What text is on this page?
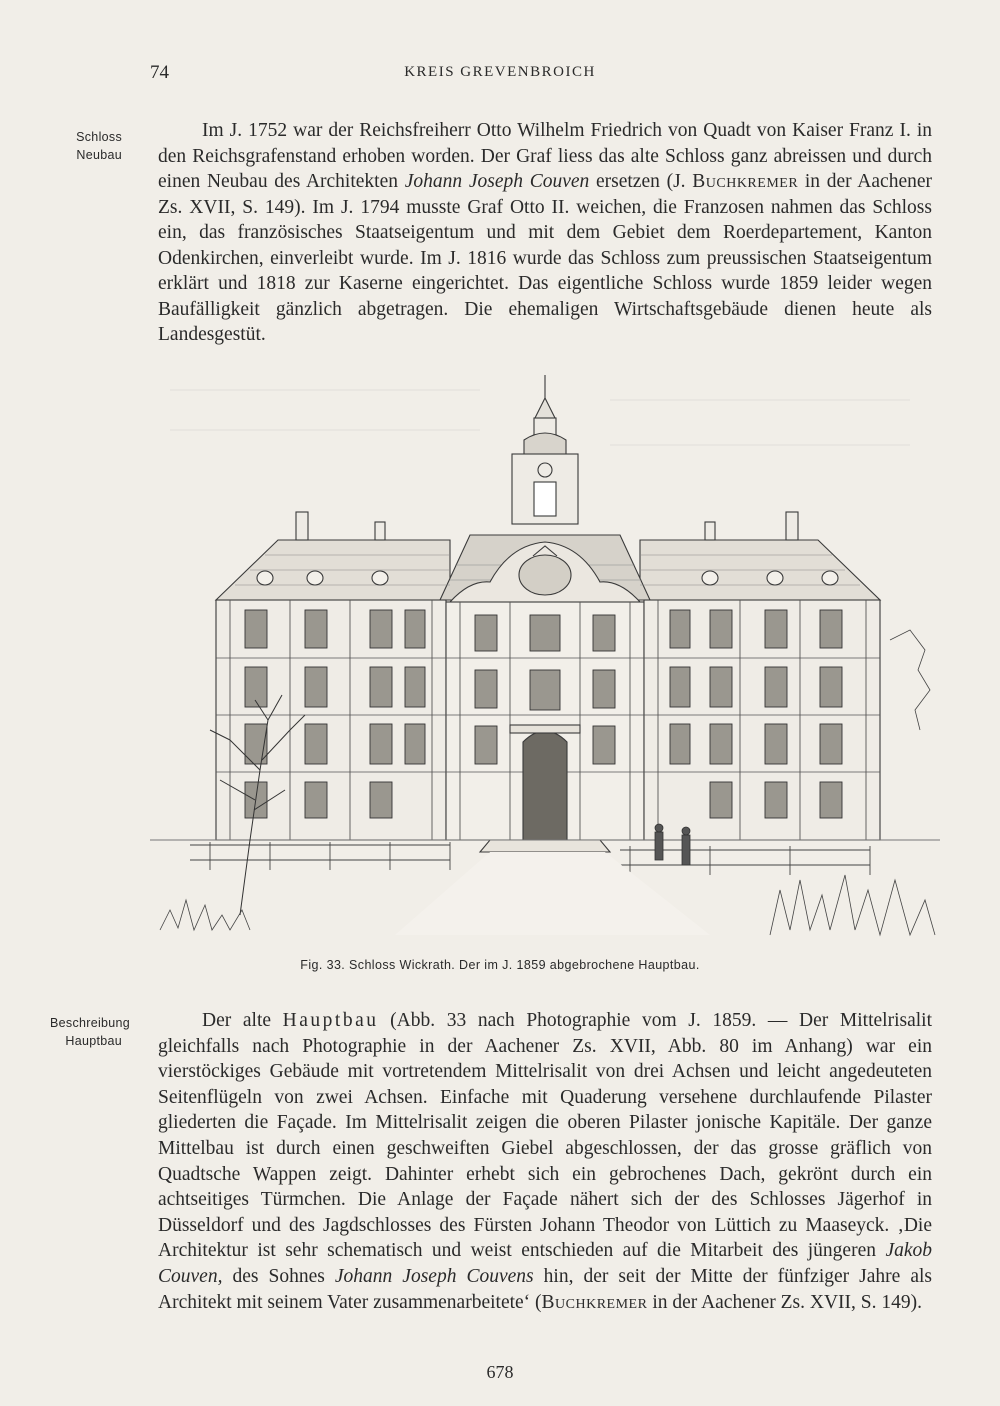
74	KREIS GREVENBROICH
Schloss
Neubau
Im J. 1752 war der Reichsfreiherr Otto Wilhelm Friedrich von Quadt von Kaiser Franz I. in den Reichsgrafenstand erhoben worden. Der Graf liess das alte Schloss ganz abreissen und durch einen Neubau des Architekten Johann Joseph Couven ersetzen (J. Buchkremer in der Aachener Zs. XVII, S. 149). Im J. 1794 musste Graf Otto II. weichen, die Franzosen nahmen das Schloss ein, das französisches Staatseigentum und mit dem Gebiet dem Roerdepartement, Kanton Odenkirchen, einverleibt wurde. Im J. 1816 wurde das Schloss zum preussischen Staatseigentum erklärt und 1818 zur Kaserne eingerichtet. Das eigentliche Schloss wurde 1859 leider wegen Baufälligkeit gänzlich abgetragen. Die ehemaligen Wirtschaftsgebäude dienen heute als Landesgestüt.
Fig. 33. Schloss Wickrath. Der im J. 1859 abgebrochene Hauptbau.
Beschreibung
Hauptbau
Der alte Hauptbau (Abb. 33 nach Photographie vom J. 1859. — Der Mittelrisalit gleichfalls nach Photographie in der Aachener Zs. XVII, Abb. 80 im Anhang) war ein vierstöckiges Gebäude mit vortretendem Mittelrisalit von drei Achsen und leicht angedeuteten Seitenflügeln von zwei Achsen. Einfache mit Quaderung versehene durchlaufende Pilaster gliederten die Façade. Im Mittelrisalit zeigen die oberen Pilaster jonische Kapitäle. Der ganze Mittelbau ist durch einen geschweiften Giebel abgeschlossen, der das grosse gräflich von Quadtsche Wappen zeigt. Dahinter erhebt sich ein gebrochenes Dach, gekrönt durch ein achtseitiges Türmchen. Die Anlage der Façade nähert sich der des Schlosses Jägerhof in Düsseldorf und des Jagdschlosses des Fürsten Johann Theodor von Lüttich zu Maaseyck. ‚Die Architektur ist sehr schematisch und weist entschieden auf die Mitarbeit des jüngeren Jakob Couven, des Sohnes Johann Joseph Couvens hin, der seit der Mitte der fünfziger Jahre als Architekt mit seinem Vater zusammenarbeitete‘ (Buchkremer in der Aachener Zs. XVII, S. 149).
678
